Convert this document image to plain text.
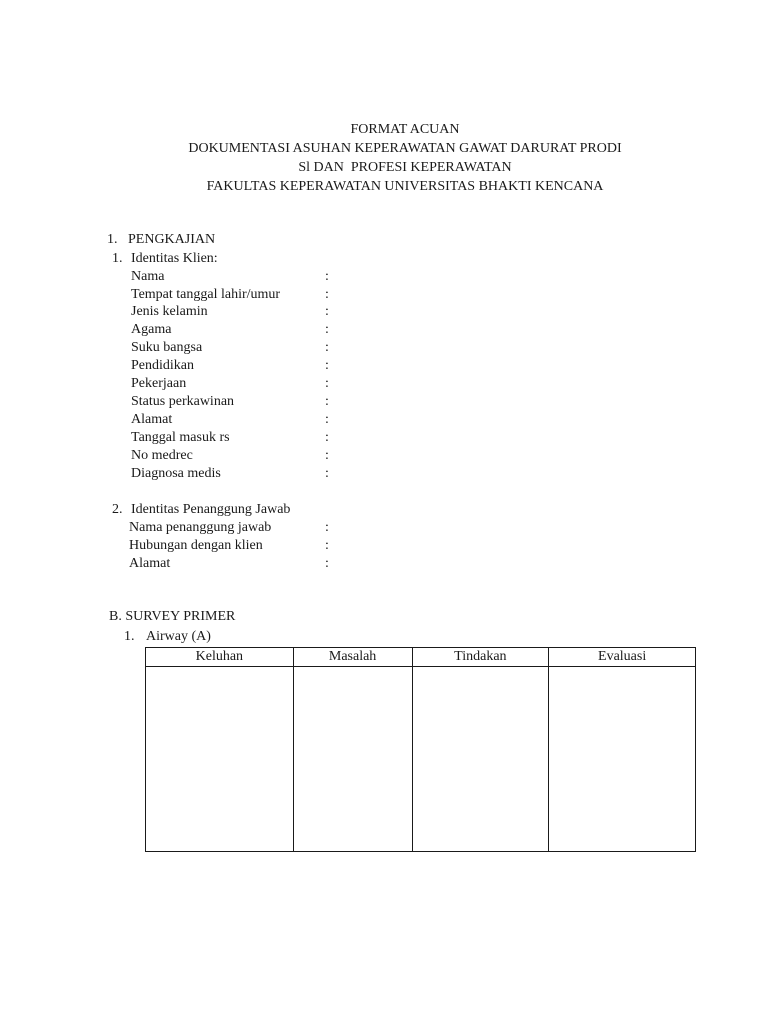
FORMAT ACUAN
DOKUMENTASI ASUHAN KEPERAWATAN GAWAT DARURAT PRODI
Sl DAN  PROFESI KEPERAWATAN
FAKULTAS KEPERAWATAN UNIVERSITAS BHAKTI KENCANA
1. PENGKAJIAN
1. Identitas Klien:
Nama	:
Tempat tanggal lahir/umur	:
Jenis kelamin	:
Agama	:
Suku bangsa	:
Pendidikan	:
Pekerjaan	:
Status perkawinan	:
Alamat	:
Tanggal masuk rs	:
No medrec	:
Diagnosa medis	:
2. Identitas Penanggung Jawab
Nama penanggung jawab	:
Hubungan dengan klien	:
Alamat	:
B. SURVEY PRIMER
1. Airway (A)
Keluhan	Masalah	Tindakan	Evaluasi
